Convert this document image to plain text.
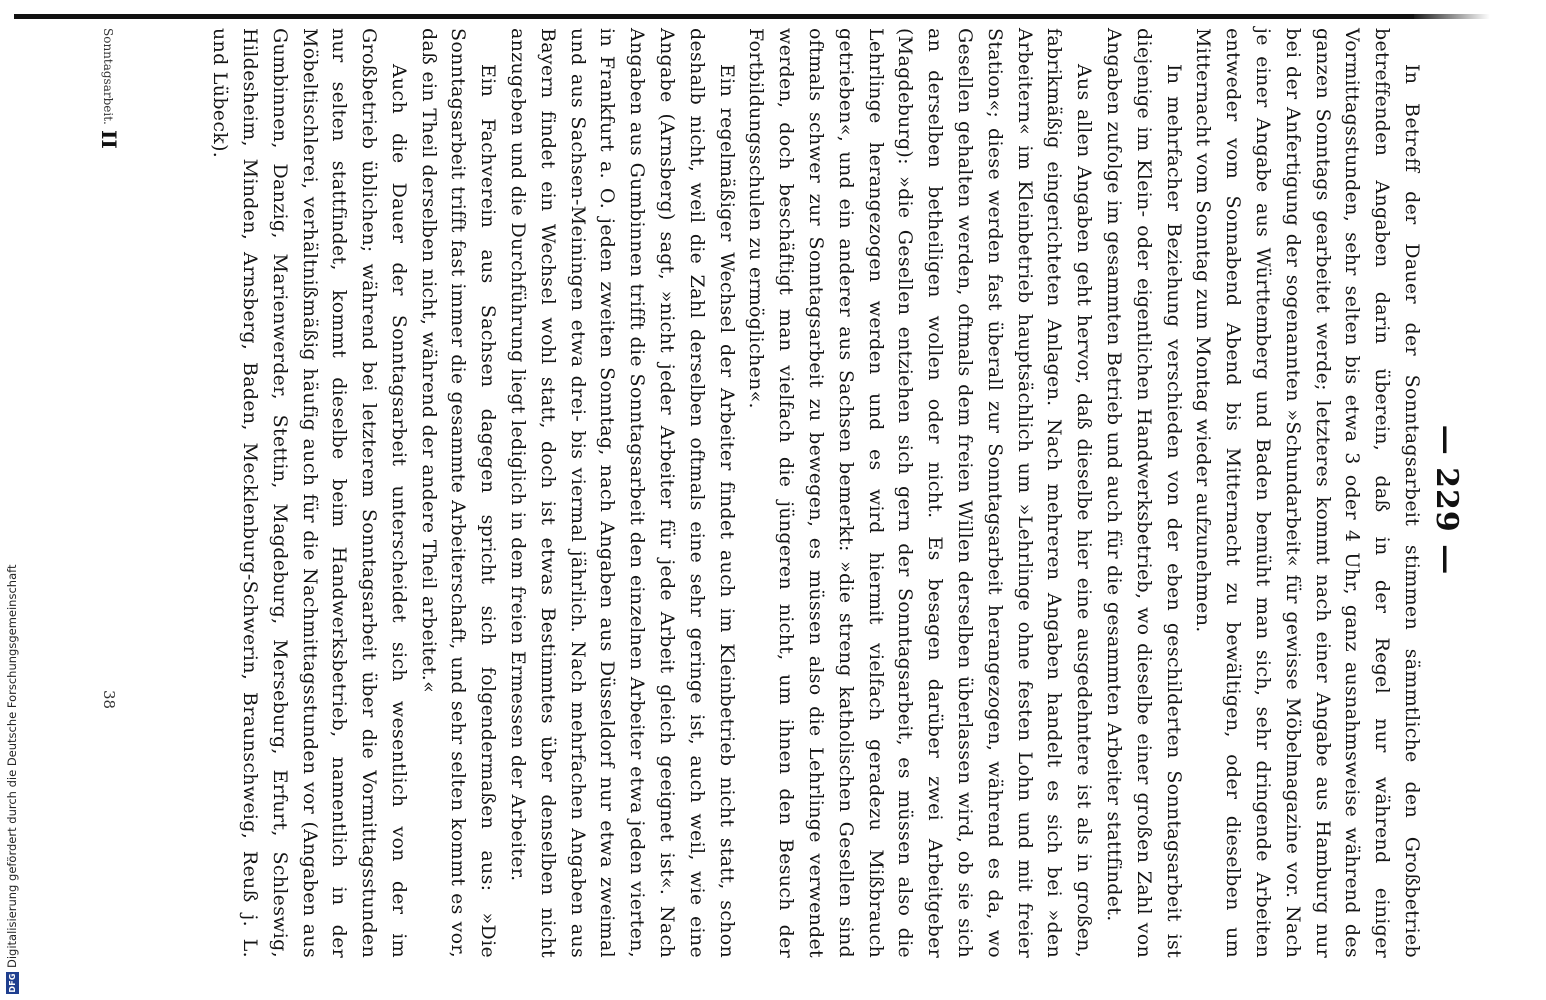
— 229 —

In Betreff der Dauer der Sonntagsarbeit stimmen sämmtliche den Großbetrieb betreffenden Angaben darin überein, daß in der Regel nur während einiger Vormittagsstunden, sehr selten bis etwa 3 oder 4 Uhr, ganz ausnahmsweise während des ganzen Sonntags gearbeitet werde; letzteres kommt nach einer Angabe aus Hamburg nur bei der Anfertigung der sogenannten »Schundarbeit« für gewisse Möbelmagazine vor. Nach je einer Angabe aus Württemberg und Baden bemüht man sich, sehr dringende Arbeiten entweder vom Sonnabend Abend bis Mitternacht zu bewältigen, oder dieselben um Mitternacht vom Sonntag zum Montag wieder aufzunehmen.

In mehrfacher Beziehung verschieden von der eben geschilderten Sonntagsarbeit ist diejenige im Klein- oder eigentlichen Handwerksbetrieb, wo dieselbe einer großen Zahl von Angaben zufolge im gesammten Betrieb und auch für die gesammten Arbeiter stattfindet.

Aus allen Angaben geht hervor, daß dieselbe hier eine ausgedehntere ist als in großen, fabrikmäßig eingerichteten Anlagen. Nach mehreren Angaben handelt es sich bei »den Arbeitern« im Kleinbetrieb hauptsächlich um »Lehrlinge ohne festen Lohn und mit freier Station«; diese werden fast überall zur Sonntagsarbeit herangezogen, während es da, wo Gesellen gehalten werden, oftmals dem freien Willen derselben überlassen wird, ob sie sich an derselben betheiligen wollen oder nicht. Es besagen darüber zwei Arbeitgeber (Magdeburg): »die Gesellen entziehen sich gern der Sonntagsarbeit, es müssen also die Lehrlinge herangezogen werden und es wird hiermit vielfach geradezu Mißbrauch getrieben«, und ein anderer aus Sachsen bemerkt: »die streng katholischen Gesellen sind oftmals schwer zur Sonntagsarbeit zu bewegen, es müssen also die Lehrlinge verwendet werden, doch beschäftigt man vielfach die jüngeren nicht, um ihnen den Besuch der Fortbildungsschulen zu ermöglichen«.

Ein regelmäßiger Wechsel der Arbeiter findet auch im Kleinbetrieb nicht statt, schon deshalb nicht, weil die Zahl derselben oftmals eine sehr geringe ist, auch weil, wie eine Angabe (Arnsberg) sagt, »nicht jeder Arbeiter für jede Arbeit gleich geeignet ist«. Nach Angaben aus Gumbinnen trifft die Sonntagsarbeit den einzelnen Arbeiter etwa jeden vierten, in Frankfurt a. O. jeden zweiten Sonntag, nach Angaben aus Düsseldorf nur etwa zweimal und aus Sachsen-Meiningen etwa drei- bis viermal jährlich. Nach mehrfachen Angaben aus Bayern findet ein Wechsel wohl statt, doch ist etwas Bestimmtes über denselben nicht anzugeben und die Durchführung liegt lediglich in dem freien Ermessen der Arbeiter.

Ein Fachverein aus Sachsen dagegen spricht sich folgendermaßen aus: »Die Sonntagsarbeit trifft fast immer die gesammte Arbeiterschaft, und sehr selten kommt es vor, daß ein Theil derselben nicht, während der andere Theil arbeitet.«

Auch die Dauer der Sonntagsarbeit unterscheidet sich wesentlich von der im Großbetrieb üblichen; während bei letzterem Sonntagsarbeit über die Vormittagsstunden nur selten stattfindet, kommt dieselbe beim Handwerksbetrieb, namentlich in der Möbeltischlerei, verhältnißmäßig häufig auch für die Nachmittagsstunden vor (Angaben aus Gumbinnen, Danzig, Marienwerder, Stettin, Magdeburg, Merseburg, Erfurt, Schleswig, Hildesheim, Minden, Arnsberg, Baden, Mecklenburg-Schwerin, Braunschweig, Reuß j. L. und Lübeck).

Sonntagsarbeit.
II
38
DFG
Digitalisierung gefördert durch die Deutsche Forschungsgemeinschaft
